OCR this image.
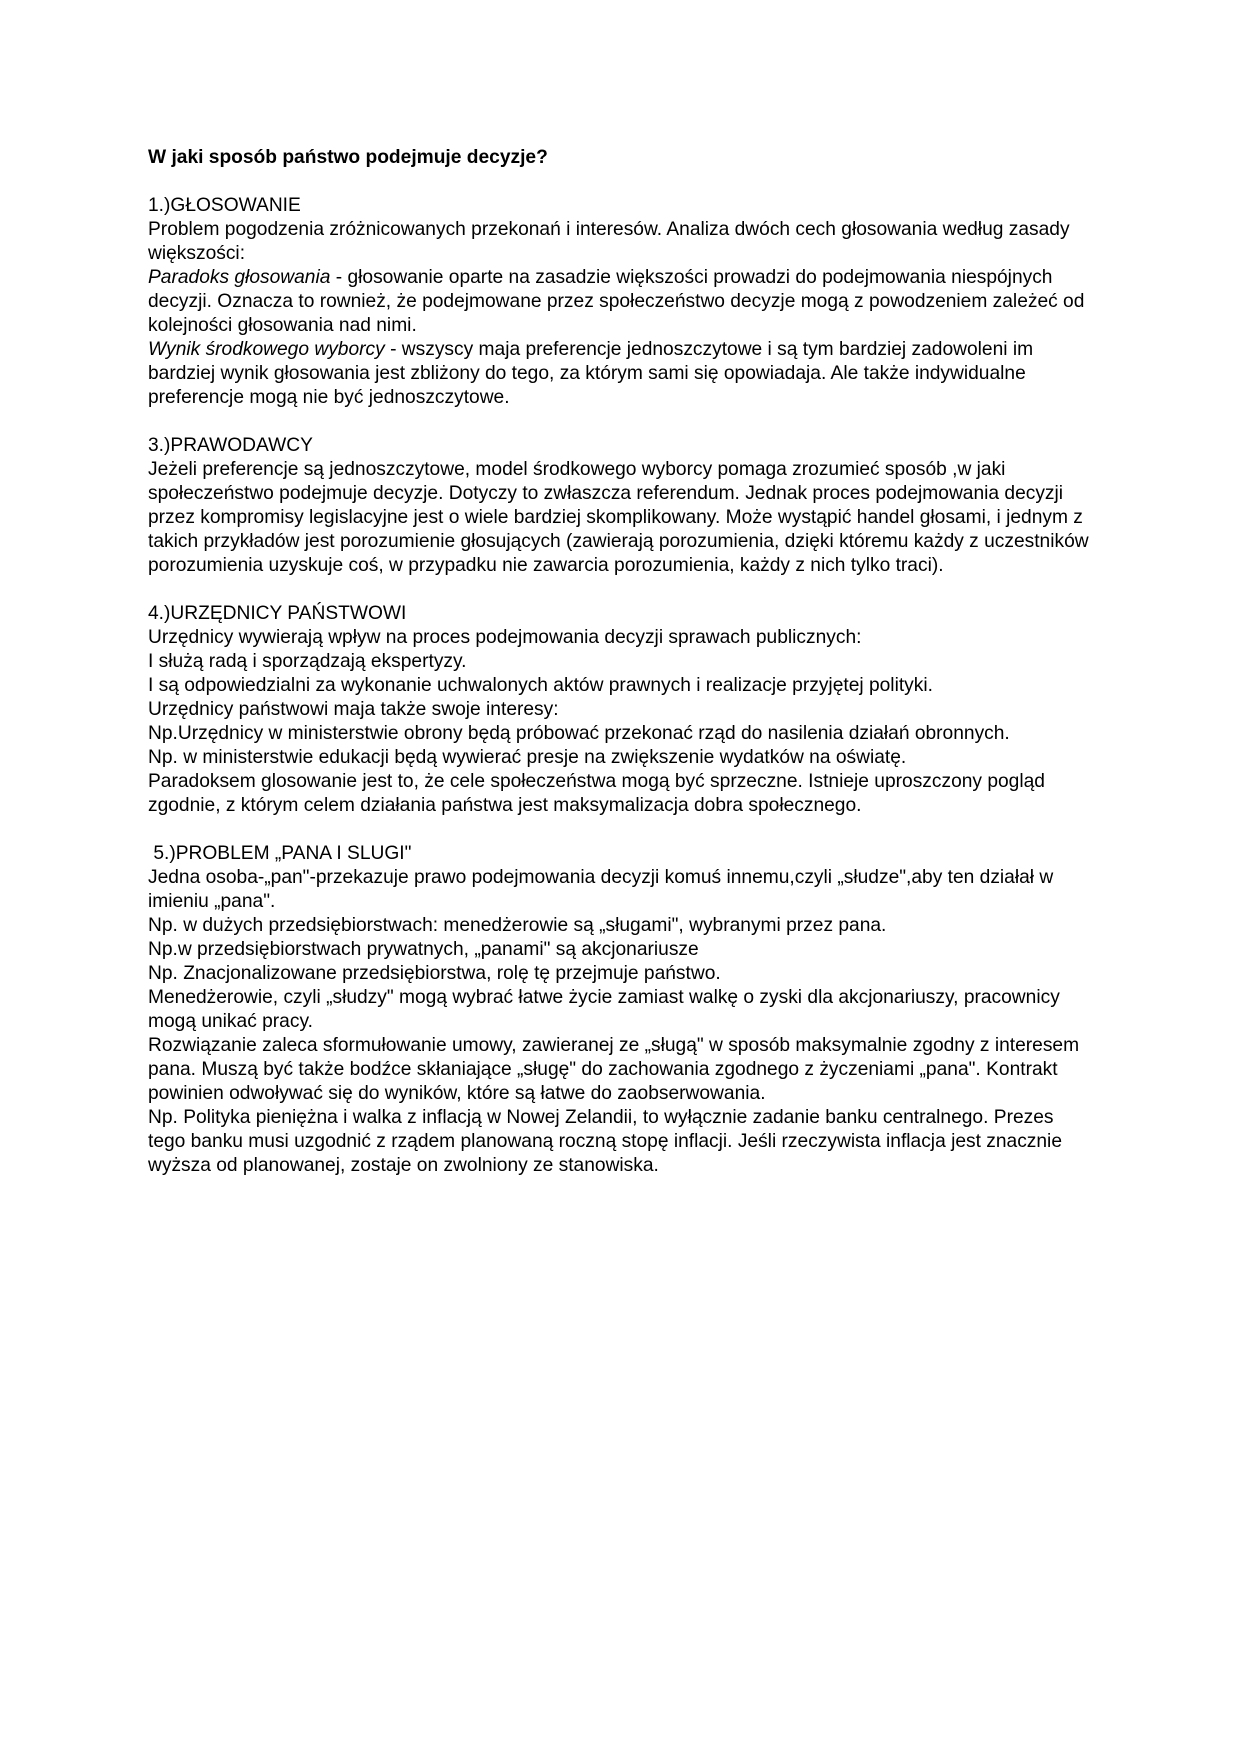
W jaki sposób państwo podejmuje decyzje?

1.)GŁOSOWANIE

Problem pogodzenia zróżnicowanych przekonań i interesów. Analiza dwóch cech głosowania według zasady większości:

Paradoks głosowania - głosowanie oparte na zasadzie większości prowadzi do podejmowania niespójnych decyzji. Oznacza to rownież, że podejmowane przez społeczeństwo decyzje mogą z powodzeniem zależeć od kolejności głosowania nad nimi.

Wynik środkowego wyborcy - wszyscy maja preferencje jednoszczytowe i są tym bardziej zadowoleni im bardziej wynik głosowania jest zbliżony do tego, za którym sami się opowiadaja. Ale także indywidualne preferencje mogą nie być jednoszczytowe.

3.)PRAWODAWCY

Jeżeli preferencje są jednoszczytowe, model środkowego wyborcy pomaga zrozumieć sposób ,w jaki społeczeństwo podejmuje decyzje. Dotyczy to zwłaszcza referendum. Jednak proces podejmowania decyzji przez kompromisy legislacyjne jest o wiele bardziej skomplikowany. Może wystąpić handel głosami, i jednym z takich przykładów jest porozumienie głosujących (zawierają porozumienia, dzięki któremu każdy z uczestników porozumienia uzyskuje coś, w przypadku nie zawarcia porozumienia, każdy z nich tylko traci).

4.)URZĘDNICY PAŃSTWOWI

Urzędnicy wywierają wpływ na proces podejmowania decyzji sprawach publicznych:

I służą radą i sporządzają ekspertyzy.

I są odpowiedzialni za wykonanie uchwalonych aktów prawnych i realizacje przyjętej polityki.

Urzędnicy państwowi maja także swoje interesy:

Np.Urzędnicy w ministerstwie obrony będą próbować przekonać rząd do nasilenia działań obronnych.

Np. w ministerstwie edukacji będą wywierać presje na zwiększenie wydatków na oświatę.

Paradoksem glosowanie jest to, że cele społeczeństwa mogą być sprzeczne. Istnieje uproszczony pogląd zgodnie, z którym celem działania państwa jest maksymalizacja dobra społecznego.

5.)PROBLEM „PANA I SLUGI"

Jedna osoba-„pan"-przekazuje prawo podejmowania decyzji komuś innemu,czyli „słudze",aby ten działał w imieniu „pana".

Np. w dużych przedsiębiorstwach: menedżerowie są „sługami", wybranymi przez pana.

Np.w przedsiębiorstwach prywatnych, „panami" są akcjonariusze

Np. Znacjonalizowane przedsiębiorstwa, rolę tę przejmuje państwo.

Menedżerowie, czyli „słudzy" mogą wybrać łatwe życie zamiast walkę o zyski dla akcjonariuszy, pracownicy mogą unikać pracy.

Rozwiązanie zaleca sformułowanie umowy, zawieranej ze „sługą" w sposób maksymalnie zgodny z interesem pana. Muszą być także bodźce skłaniające „sługę" do zachowania zgodnego z życzeniami „pana". Kontrakt powinien odwoływać się do wyników, które są łatwe do zaobserwowania.

Np. Polityka pieniężna i walka z inflacją w Nowej Zelandii, to wyłącznie zadanie banku centralnego. Prezes tego banku musi uzgodnić z rządem planowaną roczną stopę inflacji. Jeśli rzeczywista inflacja jest znacznie wyższa od planowanej, zostaje on zwolniony ze stanowiska.
